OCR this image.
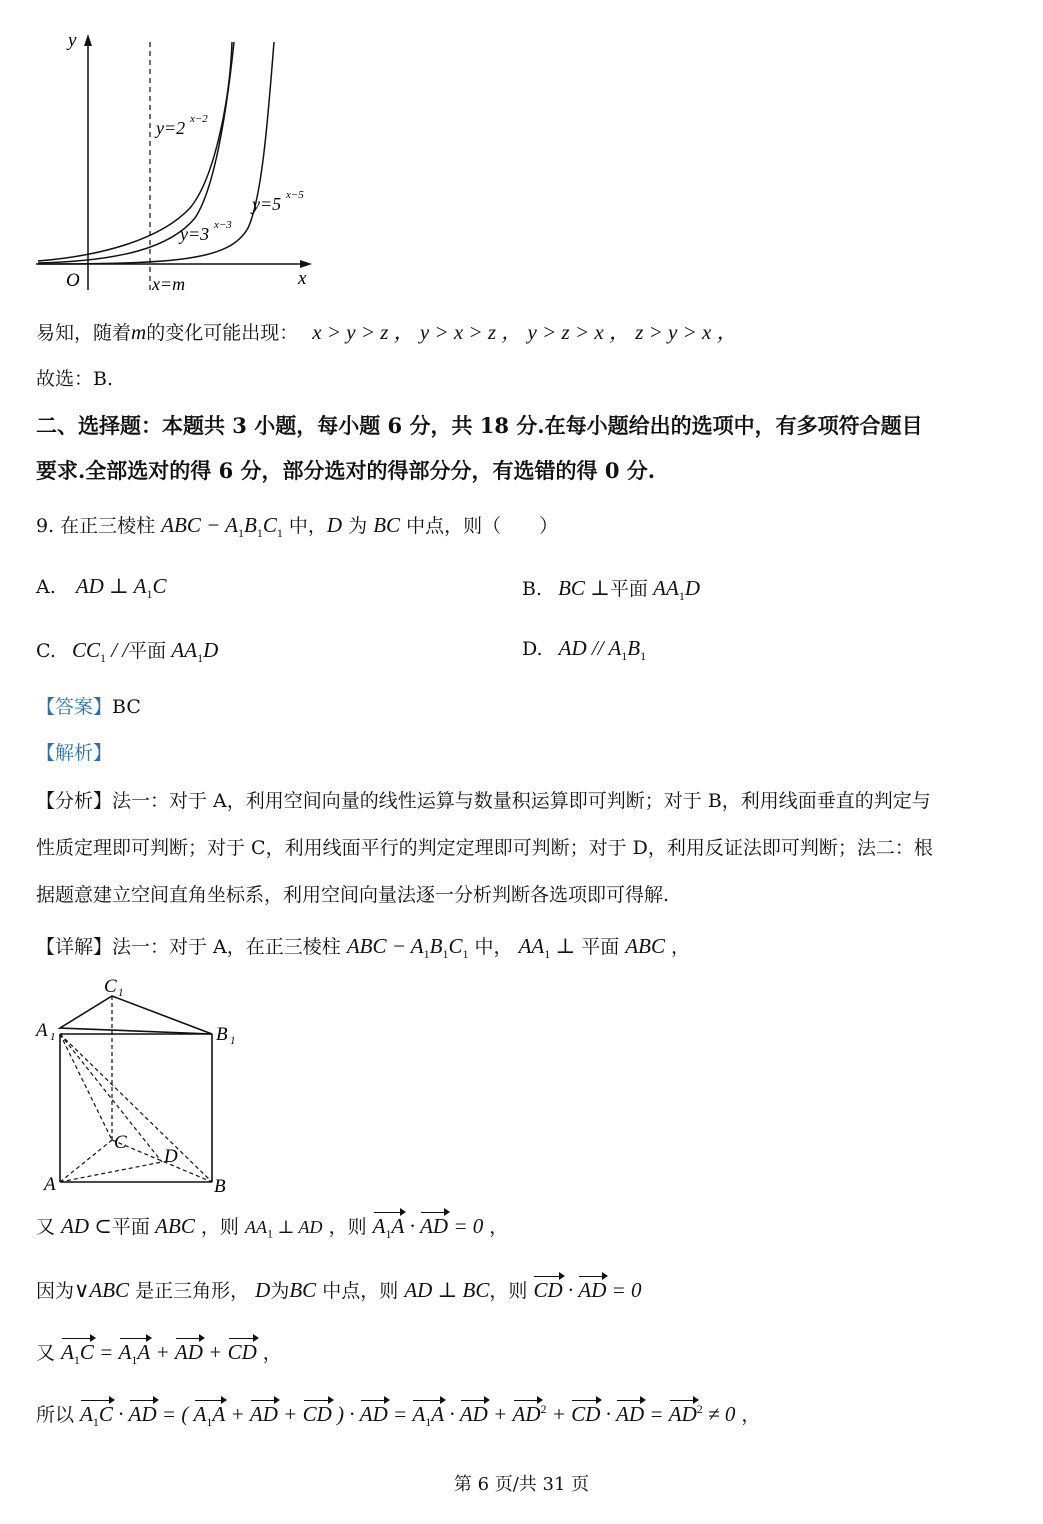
y
x
O	x=m
y=2 x−2
y=3 x−3
y=5 x−5
易知，随着m的变化可能出现： x > y > z ， y > x > z ， y > z > x ， z > y > x ，
故选：B.
二、选择题：本题共 3 小题，每小题 6 分，共 18 分.在每小题给出的选项中，有多项符合题目
要求.全部选对的得 6 分，部分选对的得部分分，有选错的得 0 分.
9. 在正三棱柱 ABC − $A_1B_1C_1$ 中，D 为 BC 中点，则（　　）
A. AD ⊥ $A_1C$	B. BC ⊥平面 $AA_1D$
C. $CC_1$ / /平面 $AA_1D$	D. AD // $A_1B_1$
【答案】BC
【解析】
【分析】法一：对于 A，利用空间向量的线性运算与数量积运算即可判断；对于 B，利用线面垂直的判定与
性质定理即可判断；对于 C，利用线面平行的判定定理即可判断；对于 D，利用反证法即可判断；法二：根
据题意建立空间直角坐标系，利用空间向量法逐一分析判断各选项即可得解.
【详解】法一：对于 A，在正三棱柱 ABC − $A_1B_1C_1$ 中， $AA_1$ ⊥ 平面 ABC ，
C 1
A 1	B 1
A	B
C
D
又 AD ⊂平面 ABC ，则 $AA_1$ ⊥ AD ，则 $A_1A$ · AD = 0 ，
因为∨ABC 是正三角形， D为BC 中点，则 AD ⊥ BC，则 CD · AD = 0
又 $A_1C = A_1A$ + AD + CD ，
所以 $A_1C$ · AD = ( $A_1A$ + AD + CD ) · AD = $A_1A$ · AD + $AD^2$ + CD · AD = $AD^2 \ne 0$ ，
第 6 页/共 31 页
